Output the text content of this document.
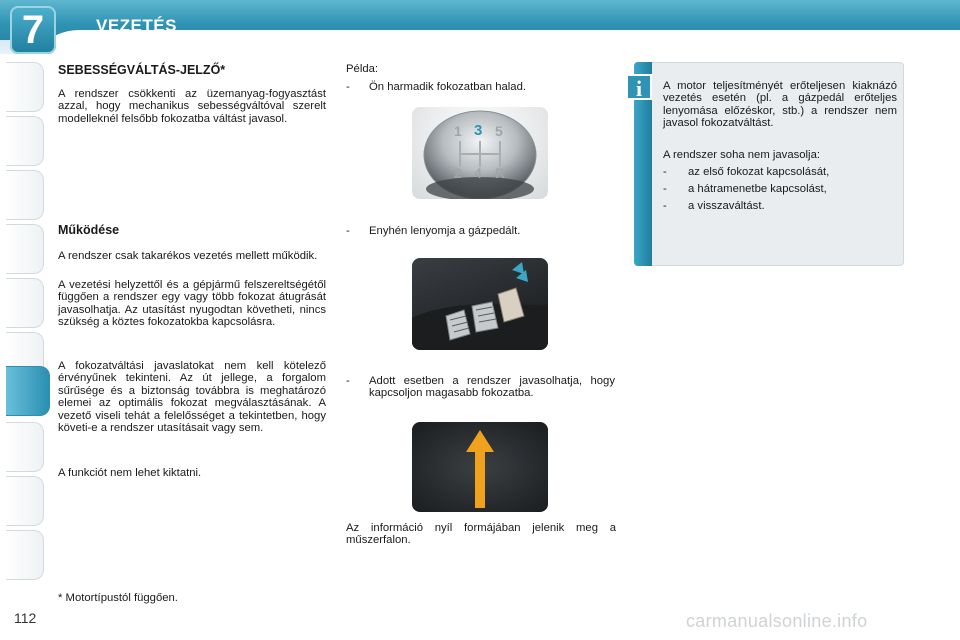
7	VEZETÉS
SEBESSÉGVÁLTÁS-JELZŐ*
A rendszer csökkenti az üzemanyag-fogyasztást azzal, hogy mechanikus sebességváltóval szerelt modelleknél felsőbb fokozatba váltást javasol.
Működése
A rendszer csak takarékos vezetés mellett működik.
A vezetési helyzettől és a gépjármű felszereltségétől függően a rendszer egy vagy több fokozat átugrását javasolhatja. Az utasítást nyugodtan követheti, nincs szükség a köztes fokozatokba kapcsolásra.
A fokozatváltási javaslatokat nem kell kötelező érvényűnek tekinteni. Az út jellege, a forgalom sűrűsége és a biztonság továbbra is meghatározó elemei az optimális fokozat megválasztásának. A vezető viseli tehát a felelősséget a tekintetben, hogy követi-e a rendszer utasításait vagy sem.
A funkciót nem lehet kiktatni.
* Motortípustól függően.
Példa:
- Ön harmadik fokozatban halad.
1 3 5
2 4 R
- Enyhén lenyomja a gázpedált.
- Adott esetben a rendszer javasolhatja, hogy kapcsoljon magasabb fokozatba.
Az információ nyíl formájában jelenik meg a műszerfalon.
i	A motor teljesítményét erőteljesen kiaknázó vezetés esetén (pl. a gázpedál erőteljes lenyomása előzéskor, stb.) a rendszer nem javasol fokozatváltást.
A rendszer soha nem javasolja:
- az első fokozat kapcsolását,
- a hátramenetbe kapcsolást,
- a visszaváltást.
112	carmanualsonline.info
